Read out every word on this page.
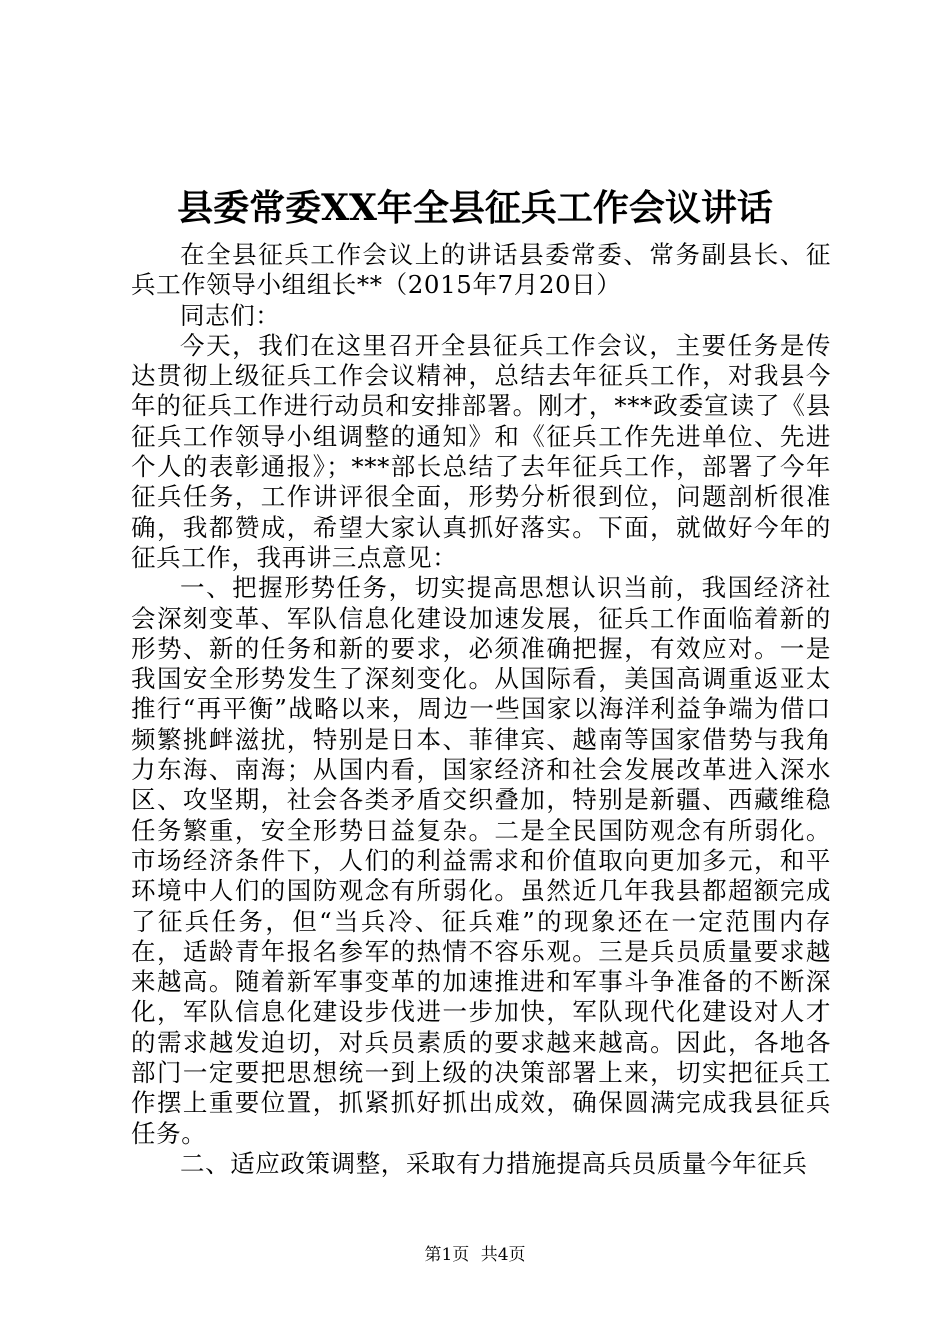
县委常委XX年全县征兵工作会议讲话

在全县征兵工作会议上的讲话县委常委、常务副县长、征兵工作领导小组组长**（2015年7月20日）

同志们：

今天，我们在这里召开全县征兵工作会议，主要任务是传达贯彻上级征兵工作会议精神，总结去年征兵工作，对我县今年的征兵工作进行动员和安排部署。刚才，***政委宣读了《县征兵工作领导小组调整的通知》和《征兵工作先进单位、先进个人的表彰通报》；***部长总结了去年征兵工作，部署了今年征兵任务，工作讲评很全面，形势分析很到位，问题剖析很准确，我都赞成，希望大家认真抓好落实。下面，就做好今年的征兵工作，我再讲三点意见：

一、把握形势任务，切实提高思想认识当前，我国经济社会深刻变革、军队信息化建设加速发展，征兵工作面临着新的形势、新的任务和新的要求，必须准确把握，有效应对。一是我国安全形势发生了深刻变化。从国际看，美国高调重返亚太推行“再平衡”战略以来，周边一些国家以海洋利益争端为借口频繁挑衅滋扰，特别是日本、菲律宾、越南等国家借势与我角力东海、南海；从国内看，国家经济和社会发展改革进入深水区、攻坚期，社会各类矛盾交织叠加，特别是新疆、西藏维稳任务繁重，安全形势日益复杂。二是全民国防观念有所弱化。市场经济条件下，人们的利益需求和价值取向更加多元，和平环境中人们的国防观念有所弱化。虽然近几年我县都超额完成了征兵任务，但“当兵冷、征兵难”的现象还在一定范围内存在，适龄青年报名参军的热情不容乐观。三是兵员质量要求越来越高。随着新军事变革的加速推进和军事斗争准备的不断深化，军队信息化建设步伐进一步加快，军队现代化建设对人才的需求越发迫切，对兵员素质的要求越来越高。因此，各地各部门一定要把思想统一到上级的决策部署上来，切实把征兵工作摆上重要位置，抓紧抓好抓出成效，确保圆满完成我县征兵任务。

二、适应政策调整，采取有力措施提高兵员质量今年征兵

第1页 共4页
